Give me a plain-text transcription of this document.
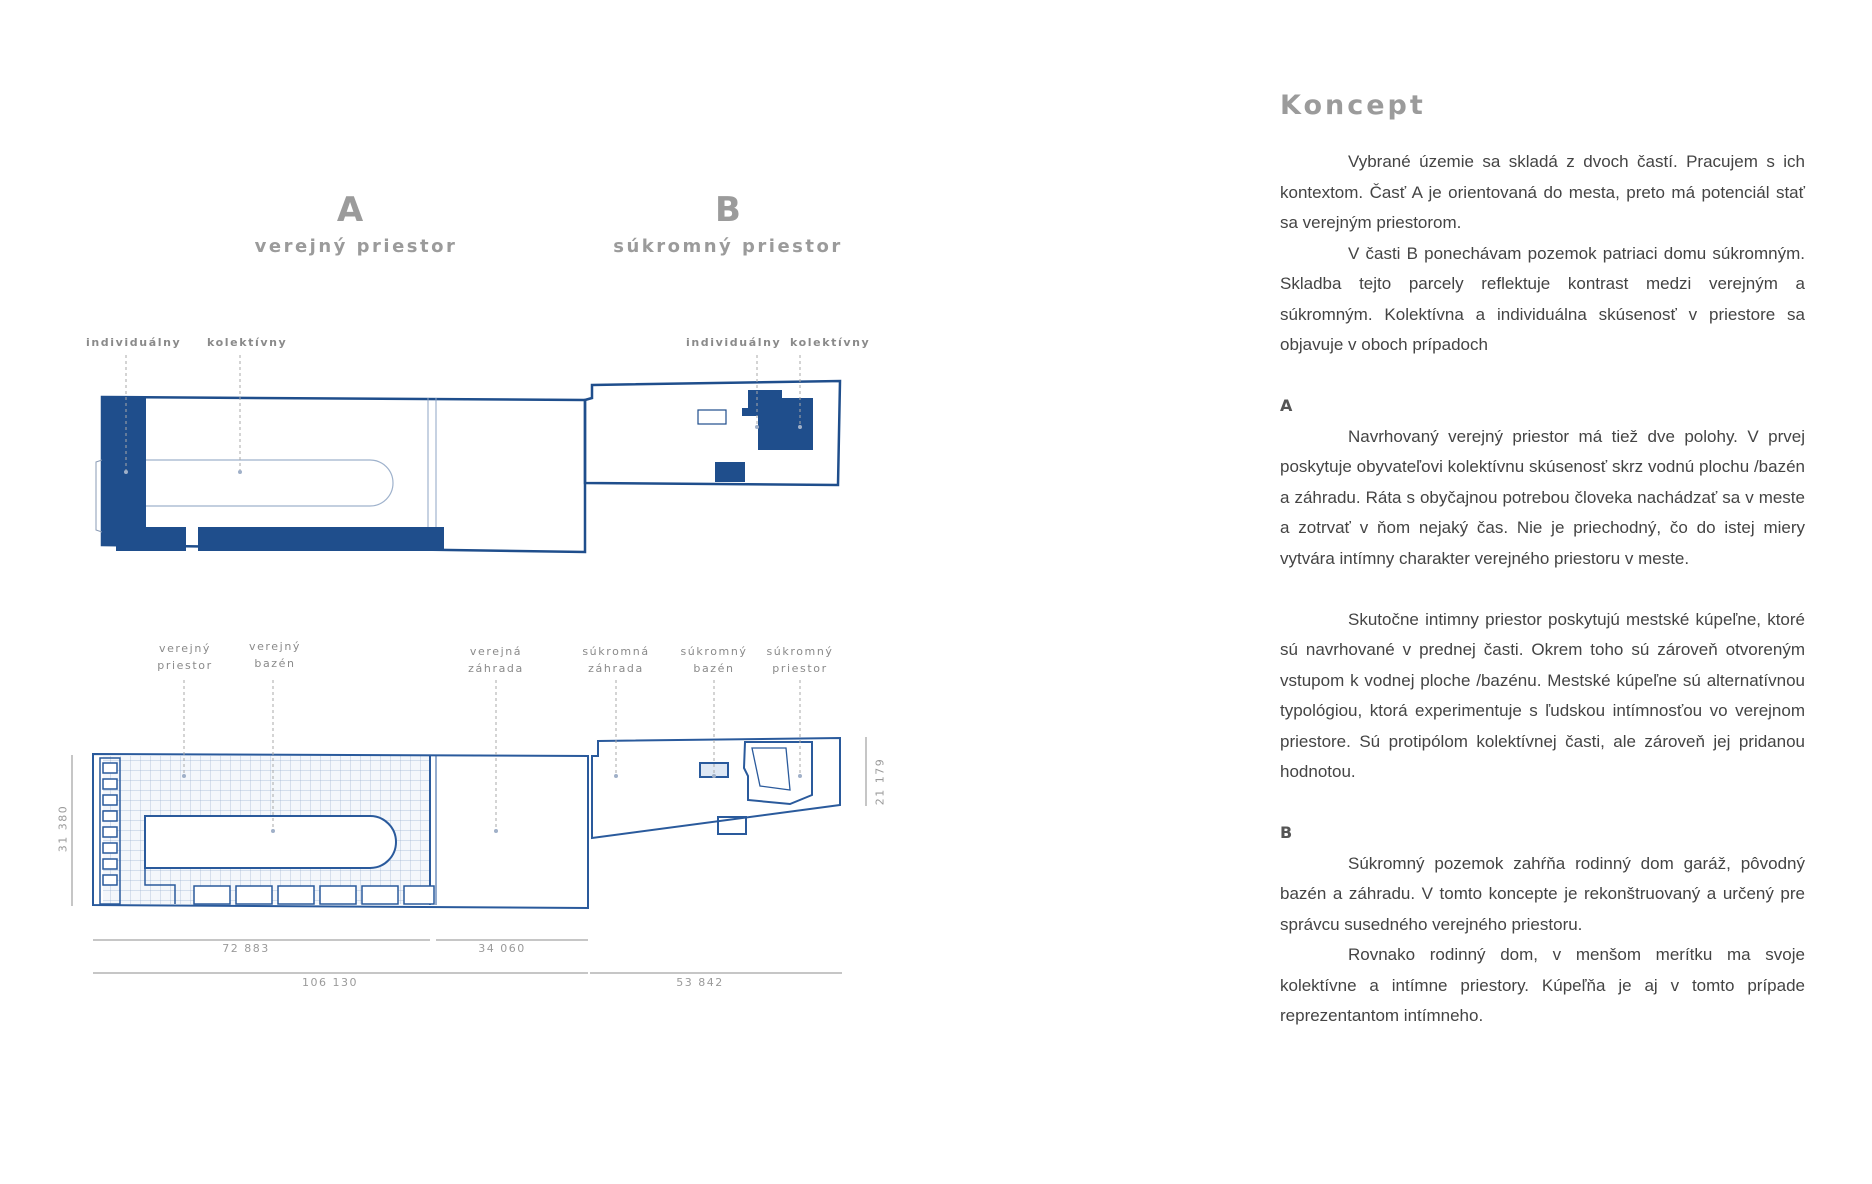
A
verejný priestor
B
súkromný priestor
individuálny kolektívny	individuálny kolektívny
verejný
priestor
verejný
bazén
verejná
záhrada
súkromná
záhrada
súkromný
bazén
súkromný
priestor
72 883	34 060
106 130	53 842
31 380
21 179
Koncept

Vybrané územie sa skladá z dvoch častí. Pracujem s ich kontextom. Časť A je orientovaná do mesta, preto má potenciál stať sa verejným priestorom.

V časti B ponechávam pozemok patriaci domu súkromným. Skladba tejto parcely reflektuje kontrast medzi verejným a súkromným. Kolektívna a individuálna skúsenosť v priestore sa objavuje v oboch prípadoch

A

Navrhovaný verejný priestor má tiež dve polohy. V prvej poskytuje obyvateľovi kolektívnu skúsenosť skrz vodnú plochu /bazén a záhradu. Ráta s obyčajnou potrebou človeka nachádzať sa v meste a zotrvať v ňom nejaký čas. Nie je priechodný, čo do istej miery vytvára intímny charakter verejného priestoru v meste.

Skutočne intimny priestor poskytujú mestské kúpeľne, ktoré sú navrhované v prednej časti. Okrem toho sú zároveň otvoreným vstupom k vodnej ploche /bazénu. Mestské kúpeľne sú alternatívnou typológiou, ktorá experimentuje s ľudskou intímnosťou vo verejnom priestore. Sú protipólom kolektívnej časti, ale zároveň jej pridanou hodnotou.

B

Súkromný pozemok zahŕňa rodinný dom garáž, pôvodný bazén a záhradu. V tomto koncepte je rekonštruovaný a určený pre správcu susedného verejného priestoru.

Rovnako rodinný dom, v menšom merítku ma svoje kolektívne a intímne priestory. Kúpeľňa je aj v tomto prípade reprezentantom intímneho.
